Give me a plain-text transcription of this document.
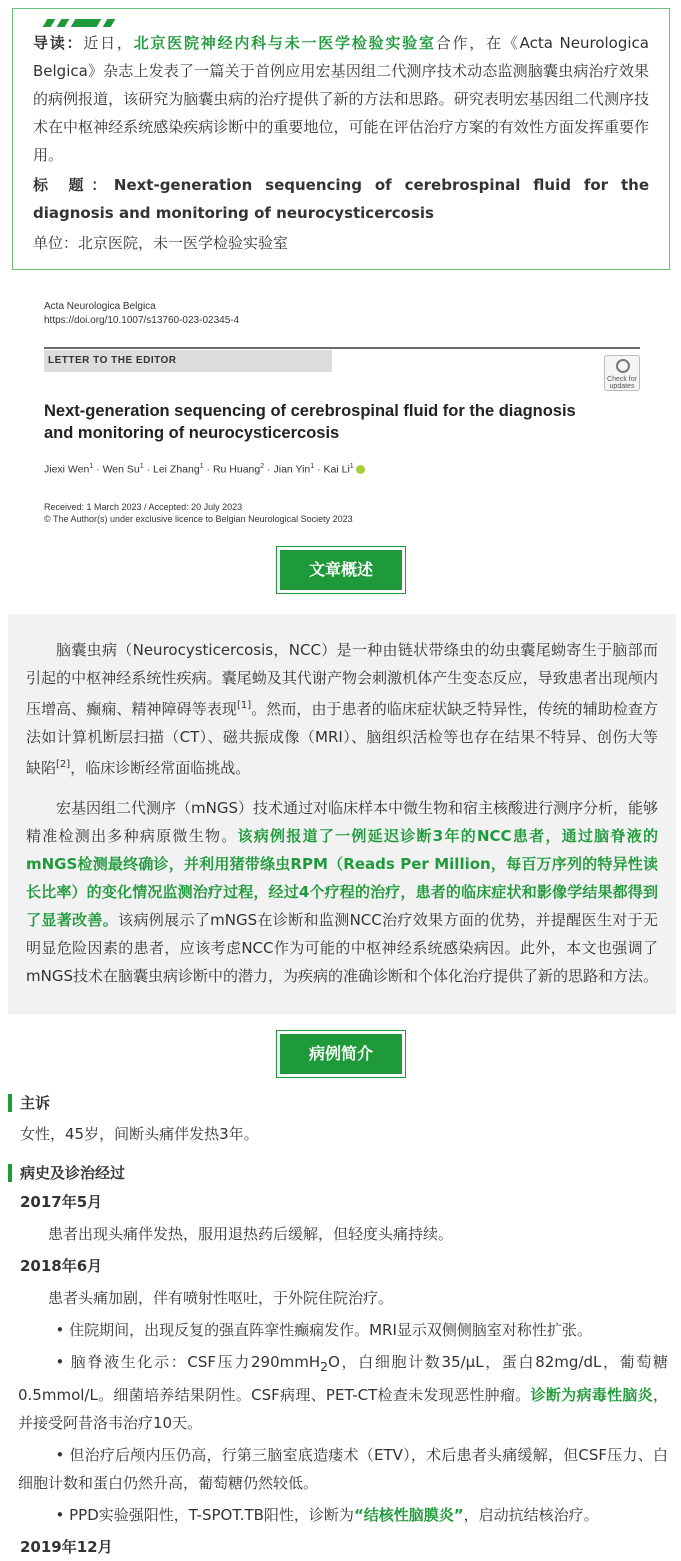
导读：近日，北京医院神经内科与未一医学检验实验室合作，在《Acta Neurologica Belgica》杂志上发表了一篇关于首例应用宏基因组二代测序技术动态监测脑囊虫病治疗效果的病例报道，该研究为脑囊虫病的治疗提供了新的方法和思路。研究表明宏基因组二代测序技术在中枢神经系统感染疾病诊断中的重要地位，可能在评估治疗方案的有效性方面发挥重要作用。

标 题：Next-generation sequencing of cerebrospinal fluid for the diagnosis and monitoring of neurocysticercosis

单位：北京医院，未一医学检验实验室

Acta Neurologica Belgica
https://doi.org/10.1007/s13760-023-02345-4
LETTER TO THE EDITOR
Check for
updates
Next-generation sequencing of cerebrospinal fluid for the diagnosis
and monitoring of neurocysticercosis
Jiexi Wen$^1$ · Wen $Su^1$ · Lei Zhang$^1$ · Ru Huang$^2$ · Jian Yin$^1$ · Kai Li$^1$
Received: 1 March 2023 / Accepted: 20 July 2023
© The Author(s) under exclusive licence to Belgian Neurological Society 2023
文章概述

脑囊虫病（Neurocysticercosis，NCC）是一种由链状带绦虫的幼虫囊尾蚴寄生于脑部而引起的中枢神经系统性疾病。囊尾蚴及其代谢产物会刺激机体产生变态反应，导致患者出现颅内压增高、癫痫、精神障碍等表现[1]。然而，由于患者的临床症状缺乏特异性，传统的辅助检查方法如计算机断层扫描（CT）、磁共振成像（MRI）、脑组织活检等也存在结果不特异、创伤大等缺陷[2]，临床诊断经常面临挑战。

宏基因组二代测序（mNGS）技术通过对临床样本中微生物和宿主核酸进行测序分析，能够精准检测出多种病原微生物。该病例报道了一例延迟诊断3年的NCC患者，通过脑脊液的mNGS检测最终确诊，并利用猪带绦虫RPM（Reads Per Million，每百万序列的特异性读长比率）的变化情况监测治疗过程，经过4个疗程的治疗，患者的临床症状和影像学结果都得到了显著改善。该病例展示了mNGS在诊断和监测NCC治疗效果方面的优势，并提醒医生对于无明显危险因素的患者，应该考虑NCC作为可能的中枢神经系统感染病因。此外，本文也强调了mNGS技术在脑囊虫病诊断中的潜力，为疾病的准确诊断和个体化治疗提供了新的思路和方法。

病例简介
主诉

女性，45岁，间断头痛伴发热3年。

病史及诊治经过

2017年5月

患者出现头痛伴发热，服用退热药后缓解，但轻度头痛持续。

2018年6月

患者头痛加剧，伴有喷射性呕吐，于外院住院治疗。

• 住院期间，出现反复的强直阵挛性癫痫发作。MRI显示双侧侧脑室对称性扩张。

• 脑脊液生化示：CSF压力290mmH$_2$O，白细胞计数35/μL，蛋白82mg/dL，葡萄糖0.5mmol/L。细菌培养结果阴性。CSF病理、PET-CT检查未发现恶性肿瘤。诊断为病毒性脑炎，并接受阿昔洛韦治疗10天。

• 但治疗后颅内压仍高，行第三脑室底造瘘术（ETV），术后患者头痛缓解，但CSF压力、白细胞计数和蛋白仍然升高，葡萄糖仍然较低。

• PPD实验强阳性，T-SPOT.TB阳性，诊断为“结核性脑膜炎”，启动抗结核治疗。

2019年12月
